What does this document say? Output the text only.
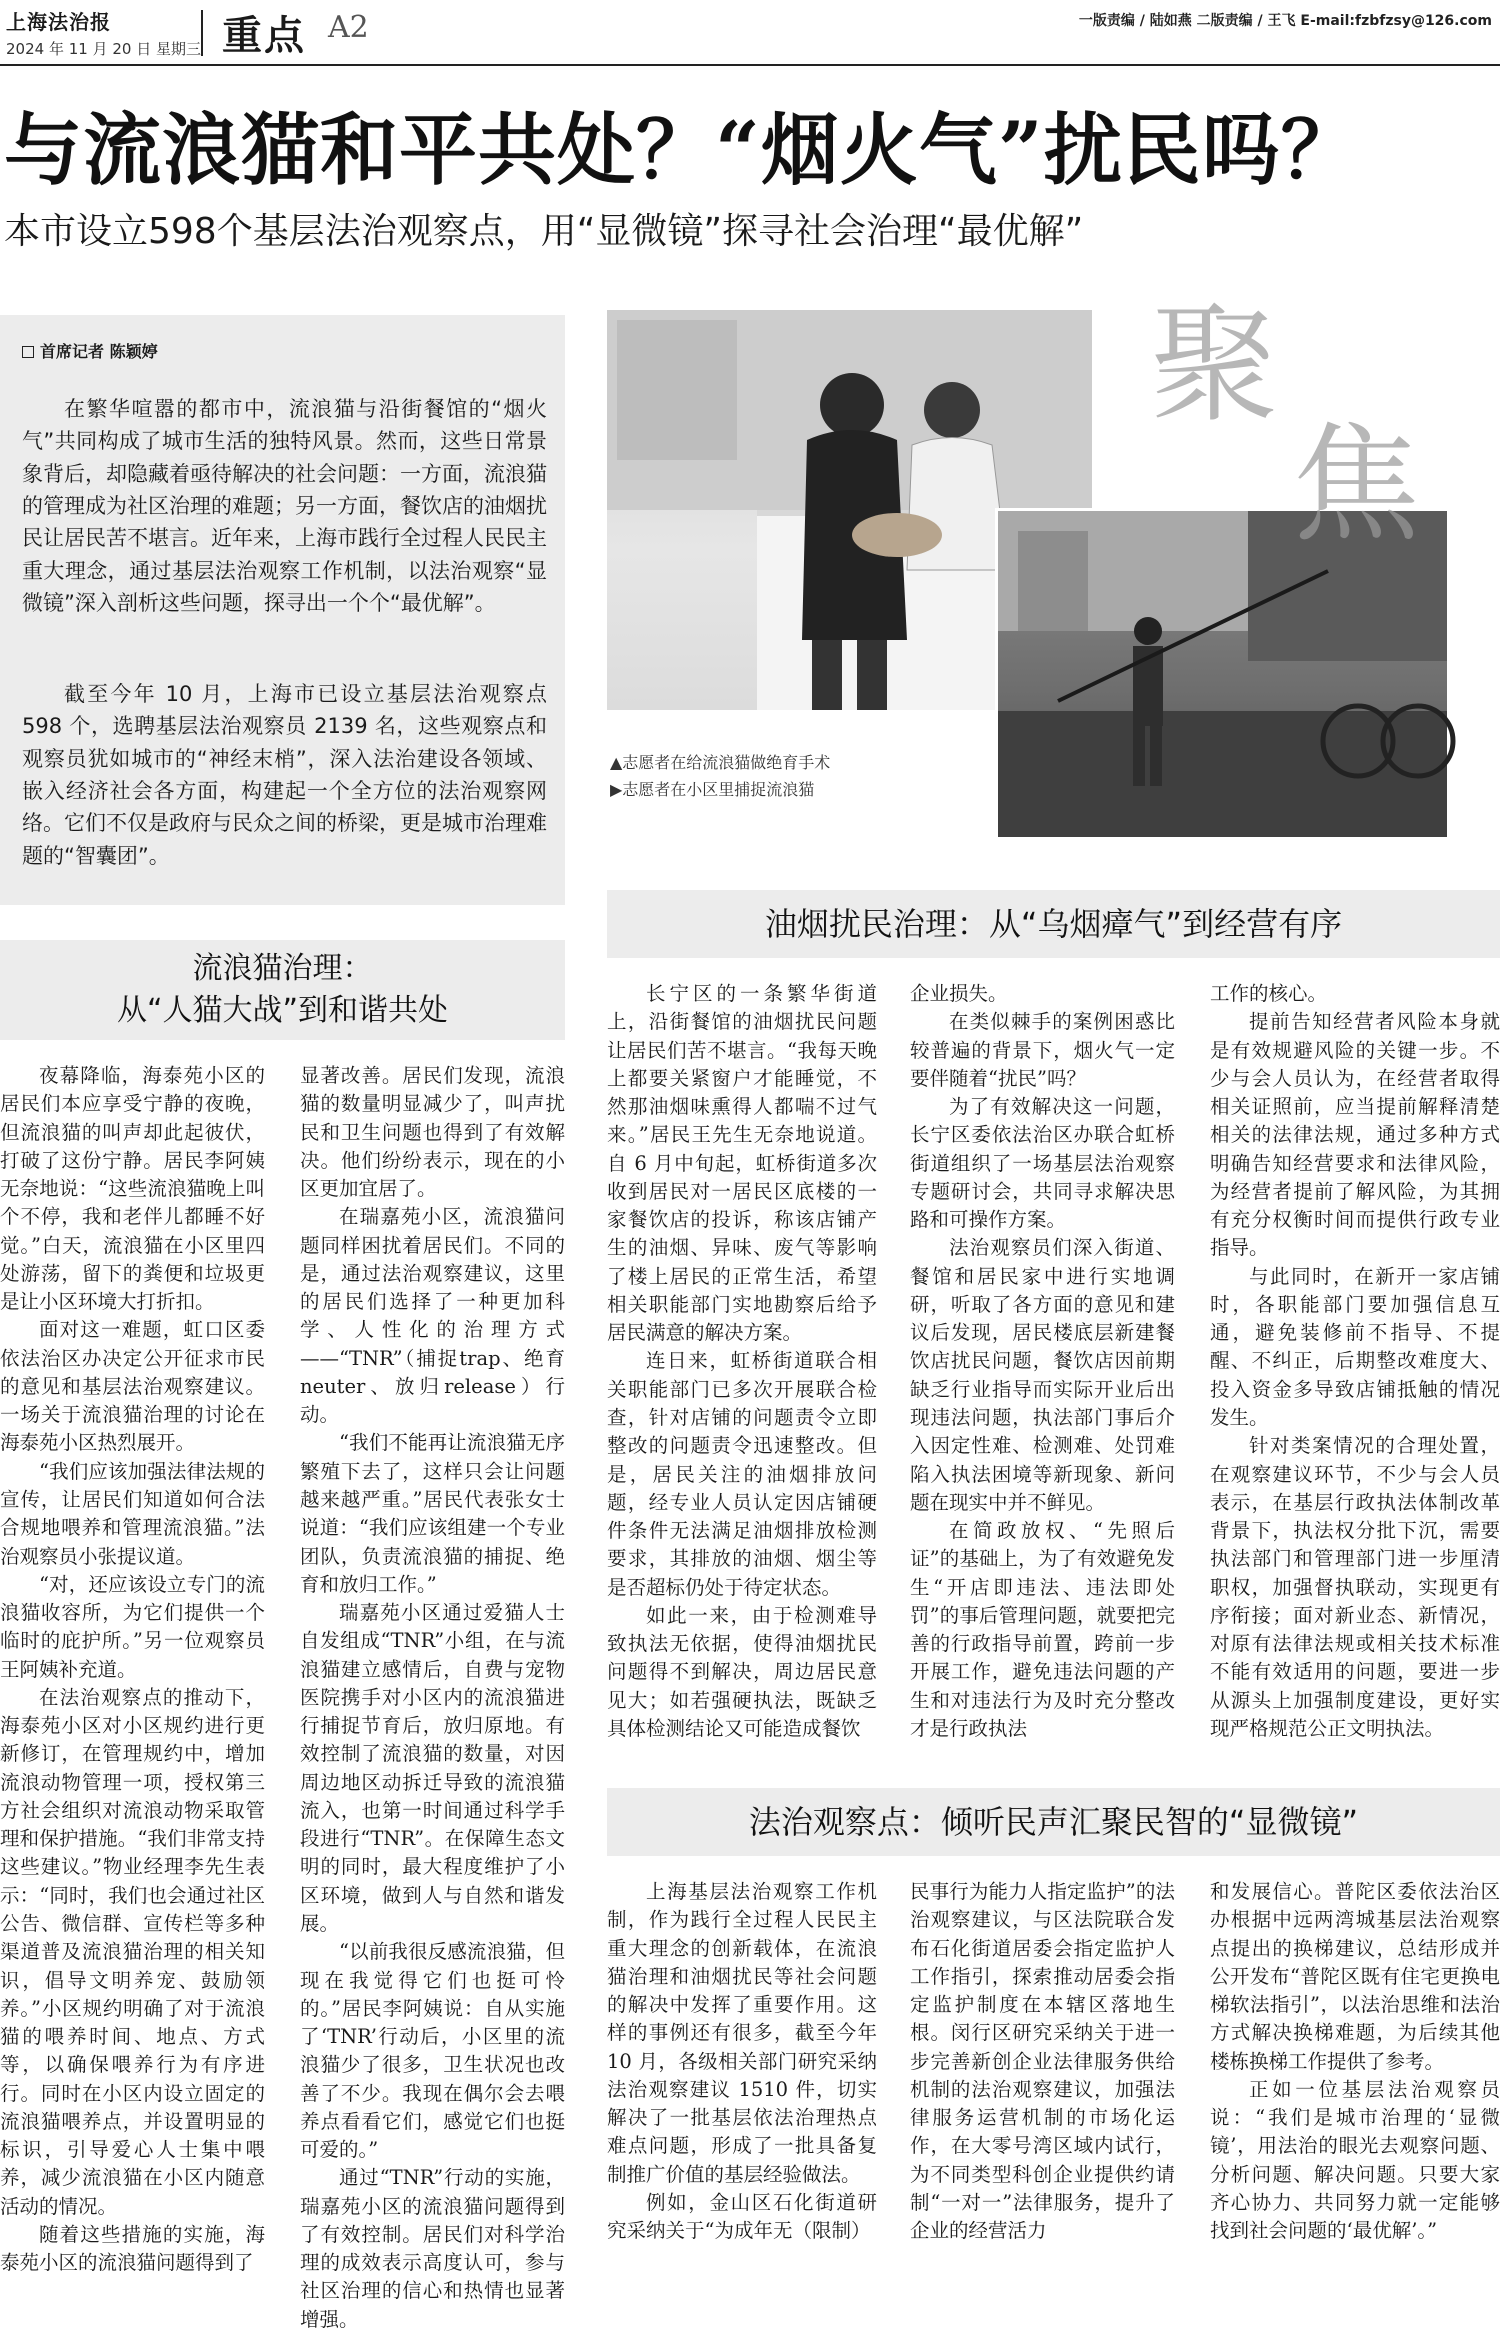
上海法治报
2024 年 11 月 20 日 星期三 重点 A2	一版责编 / 陆如燕 二版责编 / 王飞 E-mail:fzbfzsy@126.com
与流浪猫和平共处？“烟火气”扰民吗？
本市设立598个基层法治观察点，用“显微镜”探寻社会治理“最优解”
首席记者 陈颖婷

在繁华喧嚣的都市中，流浪猫与沿街餐馆的“烟火气”共同构成了城市生活的独特风景。然而，这些日常景象背后，却隐藏着亟待解决的社会问题：一方面，流浪猫的管理成为社区治理的难题；另一方面，餐饮店的油烟扰民让居民苦不堪言。近年来，上海市践行全过程人民民主重大理念，通过基层法治观察工作机制，以法治观察“显微镜”深入剖析这些问题，探寻出一个个“最优解”。

截至今年 10 月，上海市已设立基层法治观察点 598 个，选聘基层法治观察员 2139 名，这些观察点和观察员犹如城市的“神经末梢”，深入法治建设各领域、嵌入经济社会各方面，构建起一个全方位的法治观察网络。它们不仅是政府与民众之间的桥梁，更是城市治理难题的“智囊团”。

聚
焦
▲志愿者在给流浪猫做绝育手术
▶志愿者在小区里捕捉流浪猫
流浪猫治理：
从“人猫大战”到和谐共处

夜幕降临，海泰苑小区的居民们本应享受宁静的夜晚，但流浪猫的叫声却此起彼伏，打破了这份宁静。居民李阿姨无奈地说：“这些流浪猫晚上叫个不停，我和老伴儿都睡不好觉。”白天，流浪猫在小区里四处游荡，留下的粪便和垃圾更是让小区环境大打折扣。

面对这一难题，虹口区委依法治区办决定公开征求市民的意见和基层法治观察建议。一场关于流浪猫治理的讨论在海泰苑小区热烈展开。

“我们应该加强法律法规的宣传，让居民们知道如何合法合规地喂养和管理流浪猫。”法治观察员小张提议道。

“对，还应该设立专门的流浪猫收容所，为它们提供一个临时的庇护所。”另一位观察员王阿姨补充道。

在法治观察点的推动下，海泰苑小区对小区规约进行更新修订，在管理规约中，增加流浪动物管理一项，授权第三方社会组织对流浪动物采取管理和保护措施。“我们非常支持这些建议。”物业经理李先生表示：“同时，我们也会通过社区公告、微信群、宣传栏等多种渠道普及流浪猫治理的相关知识，倡导文明养宠、鼓励领养。”小区规约明确了对于流浪猫的喂养时间、地点、方式等，以确保喂养行为有序进行。同时在小区内设立固定的流浪猫喂养点，并设置明显的标识，引导爱心人士集中喂养，减少流浪猫在小区内随意活动的情况。

随着这些措施的实施，海泰苑小区的流浪猫问题得到了

显著改善。居民们发现，流浪猫的数量明显减少了，叫声扰民和卫生问题也得到了有效解决。他们纷纷表示，现在的小区更加宜居了。

在瑞嘉苑小区，流浪猫问题同样困扰着居民们。不同的是，通过法治观察建议，这里的居民们选择了一种更加科学、人性化的治理方式——“TNR”（捕捉trap、绝育neuter、放归release）行动。

“我们不能再让流浪猫无序繁殖下去了，这样只会让问题越来越严重。”居民代表张女士说道：“我们应该组建一个专业团队，负责流浪猫的捕捉、绝育和放归工作。”

瑞嘉苑小区通过爱猫人士自发组成“TNR”小组，在与流浪猫建立感情后，自费与宠物医院携手对小区内的流浪猫进行捕捉节育后，放归原地。有效控制了流浪猫的数量，对因周边地区动拆迁导致的流浪猫流入，也第一时间通过科学手段进行“TNR”。在保障生态文明的同时，最大程度维护了小区环境，做到人与自然和谐发展。

“以前我很反感流浪猫，但现在我觉得它们也挺可怜的。”居民李阿姨说：自从实施了‘TNR’行动后，小区里的流浪猫少了很多，卫生状况也改善了不少。我现在偶尔会去喂养点看看它们，感觉它们也挺可爱的。”

通过“TNR”行动的实施，瑞嘉苑小区的流浪猫问题得到了有效控制。居民们对科学治理的成效表示高度认可，参与社区治理的信心和热情也显著增强。

油烟扰民治理：从“乌烟瘴气”到经营有序

长宁区的一条繁华街道上，沿街餐馆的油烟扰民问题让居民们苦不堪言。“我每天晚上都要关紧窗户才能睡觉，不然那油烟味熏得人都喘不过气来。”居民王先生无奈地说道。自 6 月中旬起，虹桥街道多次收到居民对一居民区底楼的一家餐饮店的投诉，称该店铺产生的油烟、异味、废气等影响了楼上居民的正常生活，希望相关职能部门实地勘察后给予居民满意的解决方案。

连日来，虹桥街道联合相关职能部门已多次开展联合检查，针对店铺的问题责令立即整改的问题责令迅速整改。但是，居民关注的油烟排放问题，经专业人员认定因店铺硬件条件无法满足油烟排放检测要求，其排放的油烟、烟尘等是否超标仍处于待定状态。

如此一来，由于检测难导致执法无依据，使得油烟扰民问题得不到解决，周边居民意见大；如若强硬执法，既缺乏具体检测结论又可能造成餐饮

企业损失。

在类似棘手的案例困惑比较普遍的背景下，烟火气一定要伴随着“扰民”吗？

为了有效解决这一问题，长宁区委依法治区办联合虹桥街道组织了一场基层法治观察专题研讨会，共同寻求解决思路和可操作方案。

法治观察员们深入街道、餐馆和居民家中进行实地调研，听取了各方面的意见和建议后发现，居民楼底层新建餐饮店扰民问题，餐饮店因前期缺乏行业指导而实际开业后出现违法问题，执法部门事后介入因定性难、检测难、处罚难陷入执法困境等新现象、新问题在现实中并不鲜见。

在简政放权、“先照后证”的基础上，为了有效避免发生“开店即违法、违法即处罚”的事后管理问题，就要把完善的行政指导前置，跨前一步开展工作，避免违法问题的产生和对违法行为及时充分整改才是行政执法

工作的核心。

提前告知经营者风险本身就是有效规避风险的关键一步。不少与会人员认为，在经营者取得相关证照前，应当提前解释清楚相关的法律法规，通过多种方式明确告知经营要求和法律风险，为经营者提前了解风险，为其拥有充分权衡时间而提供行政专业指导。

与此同时，在新开一家店铺时，各职能部门要加强信息互通，避免装修前不指导、不提醒、不纠正，后期整改难度大、投入资金多导致店铺抵触的情况发生。

针对类案情况的合理处置，在观察建议环节，不少与会人员表示，在基层行政执法体制改革背景下，执法权分批下沉，需要执法部门和管理部门进一步厘清职权，加强督执联动，实现更有序衔接；面对新业态、新情况，对原有法律法规或相关技术标准不能有效适用的问题，要进一步从源头上加强制度建设，更好实现严格规范公正文明执法。

法治观察点：倾听民声汇聚民智的“显微镜”

上海基层法治观察工作机制，作为践行全过程人民民主重大理念的创新载体，在流浪猫治理和油烟扰民等社会问题的解决中发挥了重要作用。这样的事例还有很多，截至今年 10 月，各级相关部门研究采纳法治观察建议 1510 件，切实解决了一批基层依法治理热点难点问题，形成了一批具备复制推广价值的基层经验做法。

例如，金山区石化街道研究采纳关于“为成年无（限制）

民事行为能力人指定监护”的法治观察建议，与区法院联合发布石化街道居委会指定监护人工作指引，探索推动居委会指定监护制度在本辖区落地生根。闵行区研究采纳关于进一步完善新创企业法律服务供给机制的法治观察建议，加强法律服务运营机制的市场化运作，在大零号湾区域内试行，为不同类型科创企业提供约请制“一对一”法律服务，提升了企业的经营活力

和发展信心。普陀区委依法治区办根据中远两湾城基层法治观察点提出的换梯建议，总结形成并公开发布“普陀区既有住宅更换电梯软法指引”，以法治思维和法治方式解决换梯难题，为后续其他楼栋换梯工作提供了参考。

正如一位基层法治观察员说：“我们是城市治理的‘显微镜’，用法治的眼光去观察问题、分析问题、解决问题。只要大家齐心协力、共同努力就一定能够找到社会问题的‘最优解’。”
